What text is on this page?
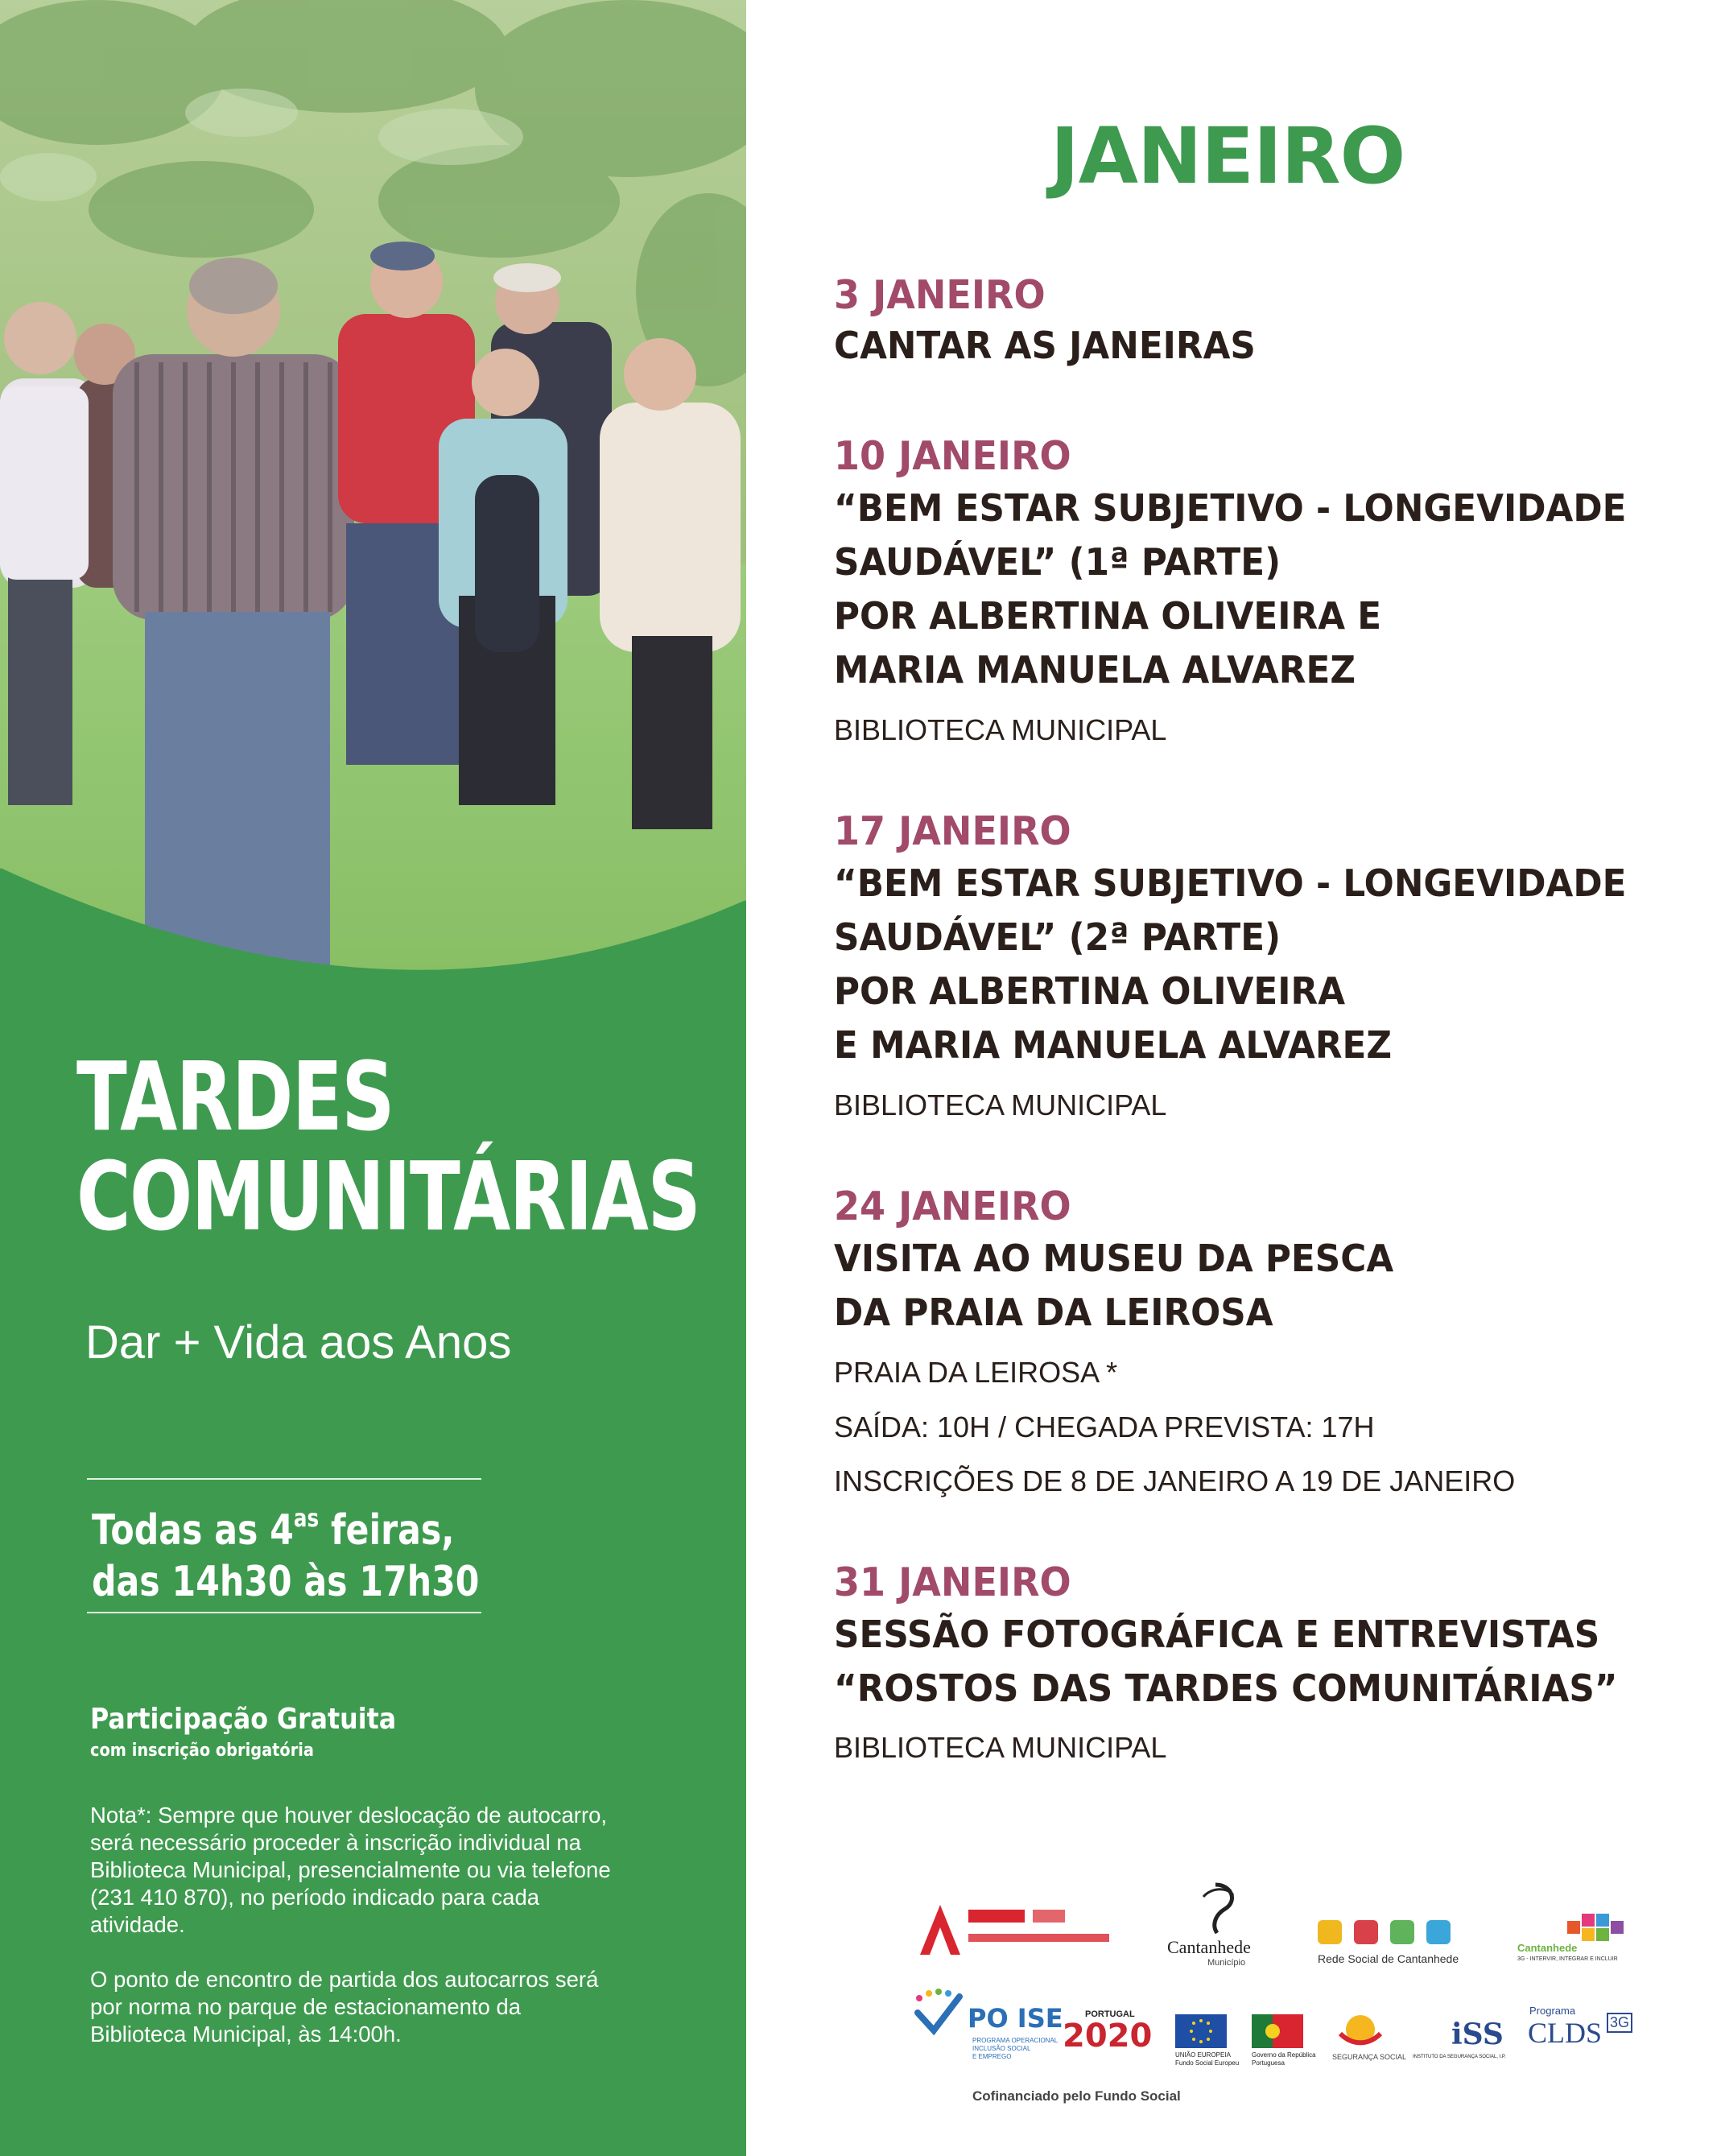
TARDES
COMUNITÁRIAS
Dar + Vida aos Anos
Todas as $4^{as}$ feiras,
das 14h30 às 17h30
Participação Gratuita
com inscrição obrigatória
Nota*: Sempre que houver deslocação de autocarro,
será necessário proceder à inscrição individual na
Biblioteca Municipal, presencialmente ou via telefone
(231 410 870), no período indicado para cada
atividade.
O ponto de encontro de partida dos autocarros será
por norma no parque de estacionamento da
Biblioteca Municipal, às 14:00h.
JANEIRO
3 JANEIRO
CANTAR AS JANEIRAS
10 JANEIRO
“BEM ESTAR SUBJETIVO - LONGEVIDADE
SAUDÁVEL” (1ª PARTE)
POR ALBERTINA OLIVEIRA E
MARIA MANUELA ALVAREZ
BIBLIOTECA MUNICIPAL
17 JANEIRO
“BEM ESTAR SUBJETIVO - LONGEVIDADE
SAUDÁVEL” (2ª PARTE)
POR ALBERTINA OLIVEIRA
E MARIA MANUELA ALVAREZ
BIBLIOTECA MUNICIPAL
24 JANEIRO
VISITA AO MUSEU DA PESCA
DA PRAIA DA LEIROSA
PRAIA DA LEIROSA *
SAÍDA: 10H / CHEGADA PREVISTA: 17H
INSCRIÇÕES DE 8 DE JANEIRO A 19 DE JANEIRO
31 JANEIRO
SESSÃO FOTOGRÁFICA E ENTREVISTAS
“ROSTOS DAS TARDES COMUNITÁRIAS”
BIBLIOTECA MUNICIPAL
Cantanhede
Município	Rede Social de Cantanhede
Cantanhede
3G - INTERVIR, INTEGRAR E INCLUIR
PO ISE
PROGRAMA OPERACIONAL
INCLUSÃO SOCIAL
E EMPREGO
PORTUGAL
2020
UNIÃO EUROPEIA
Fundo Social Europeu
Governo da República
Portuguesa
SEGURANÇA SOCIAL
iSS
INSTITUTO DA SEGURANÇA SOCIAL, I.P.
Programa
CLDS 3G
Cofinanciado pelo Fundo Social
